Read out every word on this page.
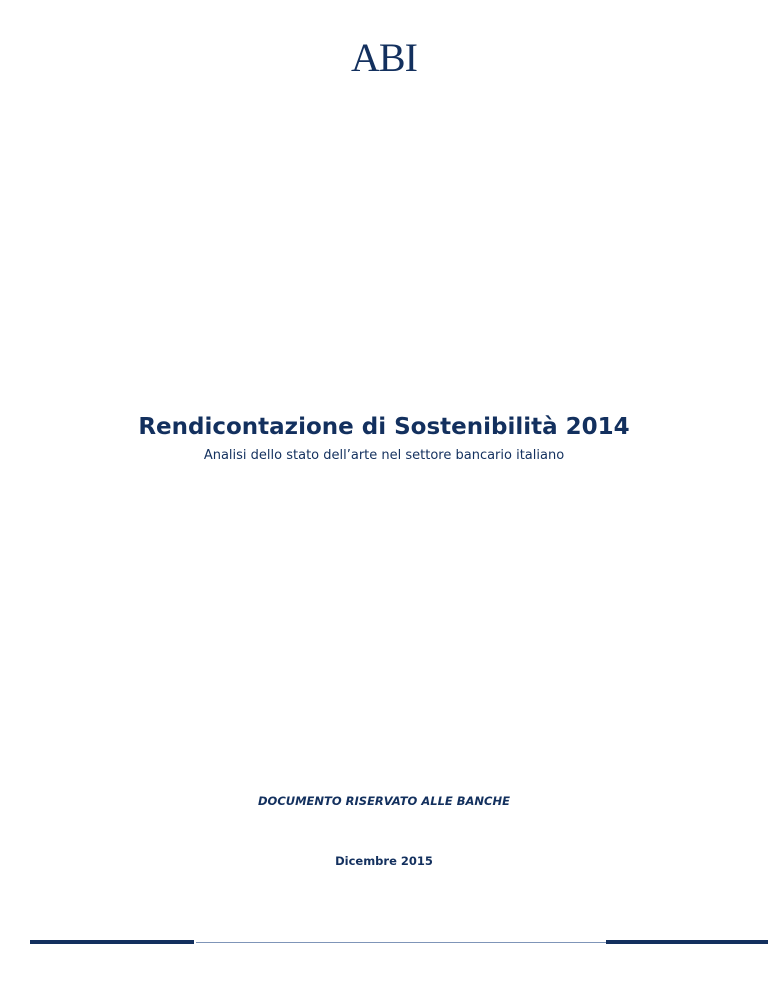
ABI
Rendicontazione di Sostenibilità 2014
Analisi dello stato dell’arte nel settore bancario italiano
DOCUMENTO RISERVATO ALLE BANCHE
Dicembre 2015
